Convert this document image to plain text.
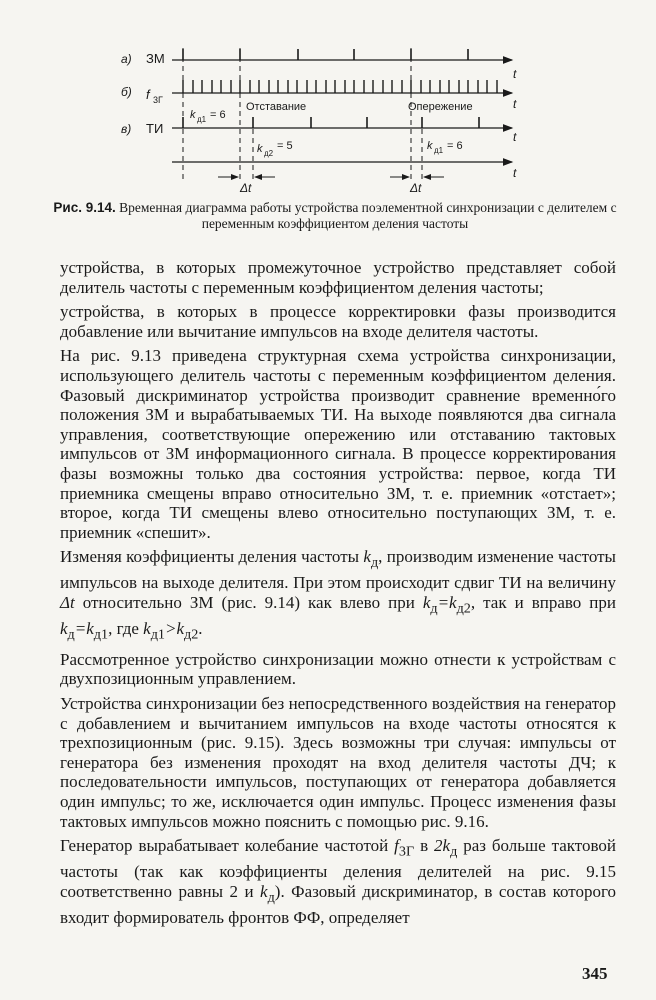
а) ЗМ
б) f 3Г
в) ТИ
t
t
t
t
Отставание	Опережение
k д1 = 6
k д2
= 5	k д1 = 6
Δt	Δt
Рис. 9.14. Временная диаграмма работы устройства поэлементной синхронизации с делителем с переменным коэффициентом деления частоты

устройства, в которых промежуточное устройство представляет собой делитель частоты с переменным коэффициентом деления частоты;

устройства, в которых в процессе корректировки фазы производится добавление или вычитание импульсов на входе делителя частоты.

На рис. 9.13 приведена структурная схема устройства синхронизации, использующего делитель частоты с переменным коэффициентом деления. Фазовый дискриминатор устройства производит сравнение временно́го положения ЗМ и вырабатываемых ТИ. На выходе появляются два сигнала управления, соответствующие опережению или отставанию тактовых импульсов от ЗМ информационного сигнала. В процессе корректирования фазы возможны только два состояния устройства: первое, когда ТИ приемника смещены вправо относительно ЗМ, т. е. приемник «отстает»; второе, когда ТИ смещены влево относительно поступающих ЗМ, т. е. приемник «спешит».

Изменяя коэффициенты деления частоты $k_д$, производим изменение частоты импульсов на выходе делителя. При этом происходит сдвиг ТИ на величину Δt относительно ЗМ (рис. 9.14) как влево при $k_д=k_{д2}$, так и вправо при $k_д=k_{д1}$, где $k_{д1}>k_{д2}$.

Рассмотренное устройство синхронизации можно отнести к устройствам с двухпозиционным управлением.

Устройства синхронизации без непосредственного воздействия на генератор с добавлением и вычитанием импульсов на входе частоты относятся к трехпозиционным (рис. 9.15). Здесь возможны три случая: импульсы от генератора без изменения проходят на вход делителя частоты ДЧ; к последовательности импульсов, поступающих от генератора добавляется один импульс; то же, исключается один импульс. Процесс изменения фазы тактовых импульсов можно пояснить с помощью рис. 9.16.

Генератор вырабатывает колебание частотой $f_{3Г}$ в $2k_д$ раз больше тактовой частоты (так как коэффициенты деления делителей на рис. 9.15 соответственно равны 2 и $k_д$). Фазовый дискриминатор, в состав которого входит формирователь фронтов ФФ, определяет

345
